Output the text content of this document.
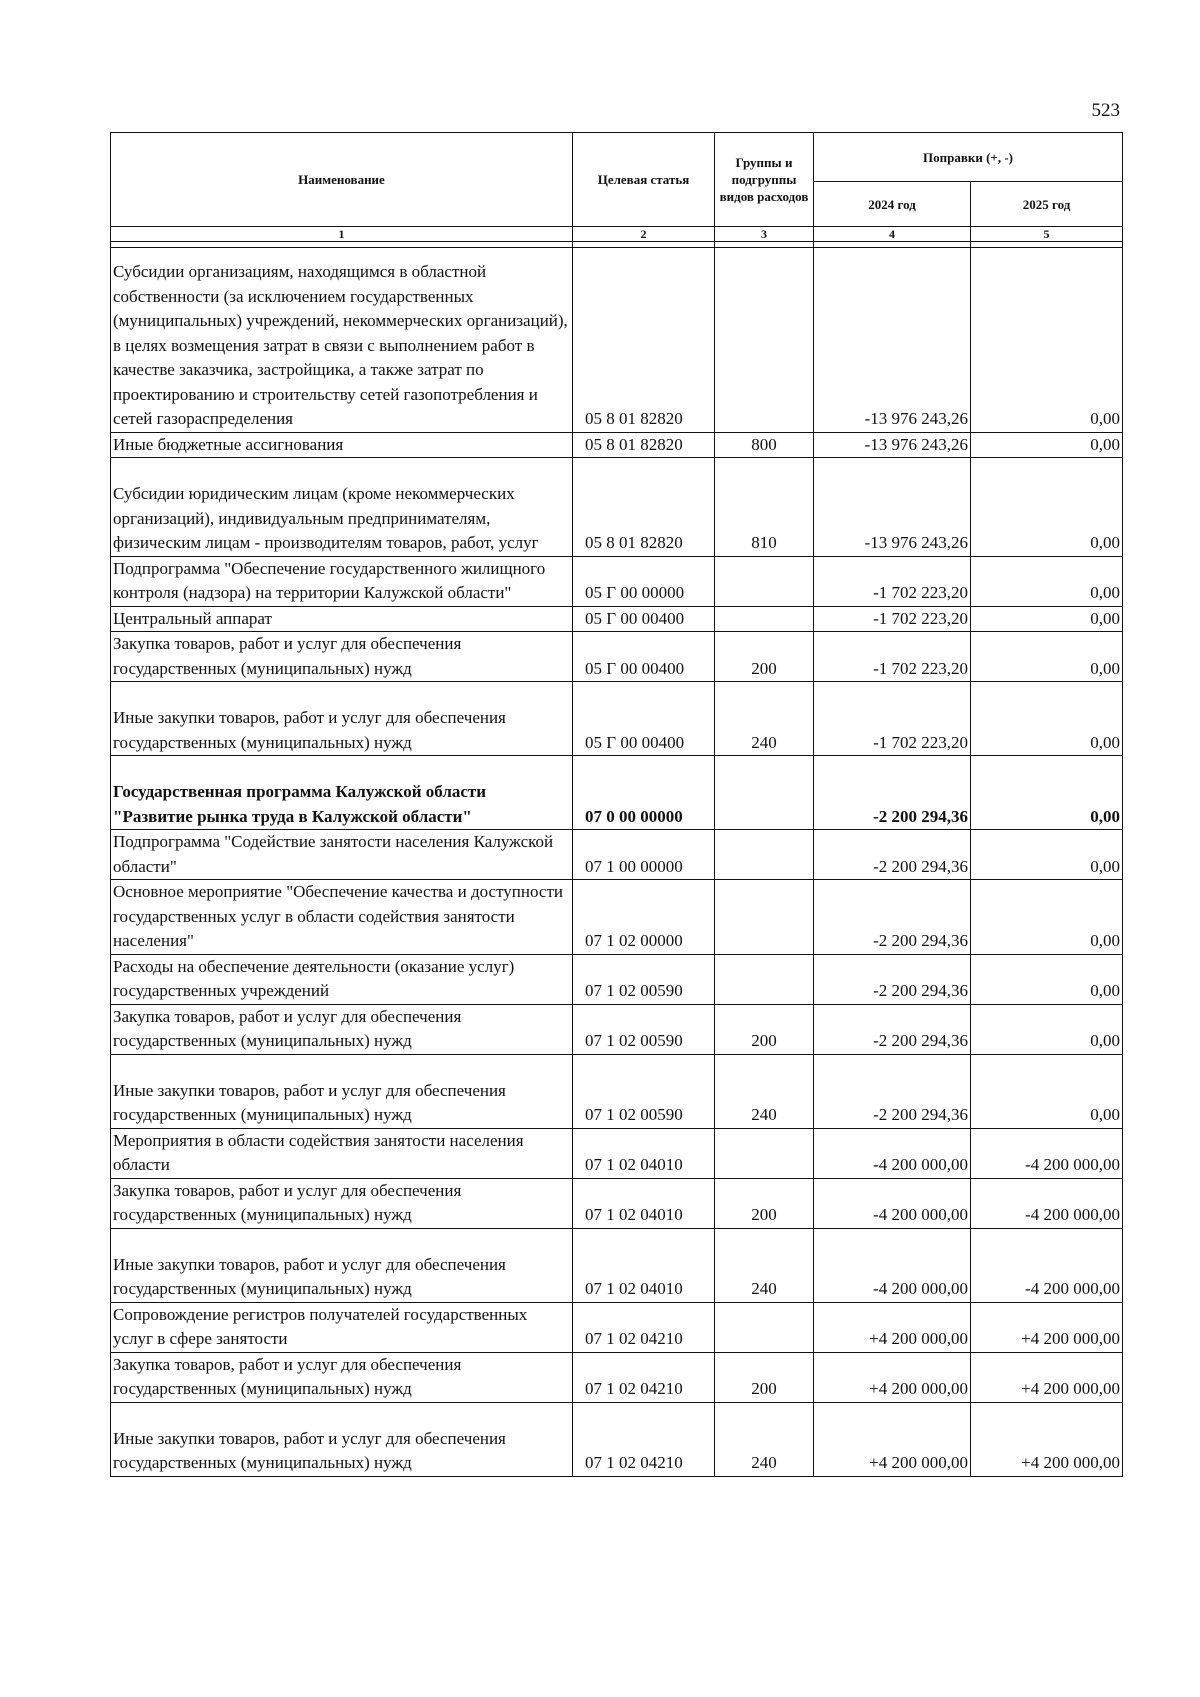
523
Наименование	Целевая статья	Группы и подгруппы видов расходов	Поправки (+, -)	
			2024 год	2025 год
1	2	3	4	5

Субсидии организациям, находящимся в областной собственности (за исключением государственных (муниципальных) учреждений, некоммерческих организаций), в целях возмещения затрат в связи с выполнением работ в качестве заказчика, застройщика, а также затрат по проектированию и строительству сетей газопотребления и сетей газораспределения	05 8 01 82820		-13 976 243,26	0,00
Иные бюджетные ассигнования	05 8 01 82820	800	-13 976 243,26	0,00

Субсидии юридическим лицам (кроме некоммерческих организаций), индивидуальным предпринимателям, физическим лицам - производителям товаров, работ, услуг	05 8 01 82820	810	-13 976 243,26	0,00
Подпрограмма "Обеспечение государственного жилищного контроля (надзора) на территории Калужской области"	05 Г 00 00000		-1 702 223,20	0,00
Центральный аппарат	05 Г 00 00400		-1 702 223,20	0,00
Закупка товаров, работ и услуг для обеспечения государственных (муниципальных) нужд	05 Г 00 00400	200	-1 702 223,20	0,00

Иные закупки товаров, работ и услуг для обеспечения государственных (муниципальных) нужд	05 Г 00 00400	240	-1 702 223,20	0,00

Государственная программа Калужской области "Развитие рынка труда в Калужской области"	07 0 00 00000		-2 200 294,36	0,00
Подпрограмма "Содействие занятости населения Калужской области"	07 1 00 00000		-2 200 294,36	0,00
Основное мероприятие "Обеспечение качества и доступности государственных услуг в области содействия занятости населения"	07 1 02 00000		-2 200 294,36	0,00
Расходы на обеспечение деятельности (оказание услуг) государственных учреждений	07 1 02 00590		-2 200 294,36	0,00
Закупка товаров, работ и услуг для обеспечения государственных (муниципальных) нужд	07 1 02 00590	200	-2 200 294,36	0,00

Иные закупки товаров, работ и услуг для обеспечения государственных (муниципальных) нужд	07 1 02 00590	240	-2 200 294,36	0,00
Мероприятия в области содействия занятости населения области	07 1 02 04010		-4 200 000,00	-4 200 000,00
Закупка товаров, работ и услуг для обеспечения государственных (муниципальных) нужд	07 1 02 04010	200	-4 200 000,00	-4 200 000,00

Иные закупки товаров, работ и услуг для обеспечения государственных (муниципальных) нужд	07 1 02 04010	240	-4 200 000,00	-4 200 000,00
Сопровождение регистров получателей государственных услуг в сфере занятости	07 1 02 04210		+4 200 000,00	+4 200 000,00
Закупка товаров, работ и услуг для обеспечения государственных (муниципальных) нужд	07 1 02 04210	200	+4 200 000,00	+4 200 000,00

Иные закупки товаров, работ и услуг для обеспечения государственных (муниципальных) нужд	07 1 02 04210	240	+4 200 000,00	+4 200 000,00
